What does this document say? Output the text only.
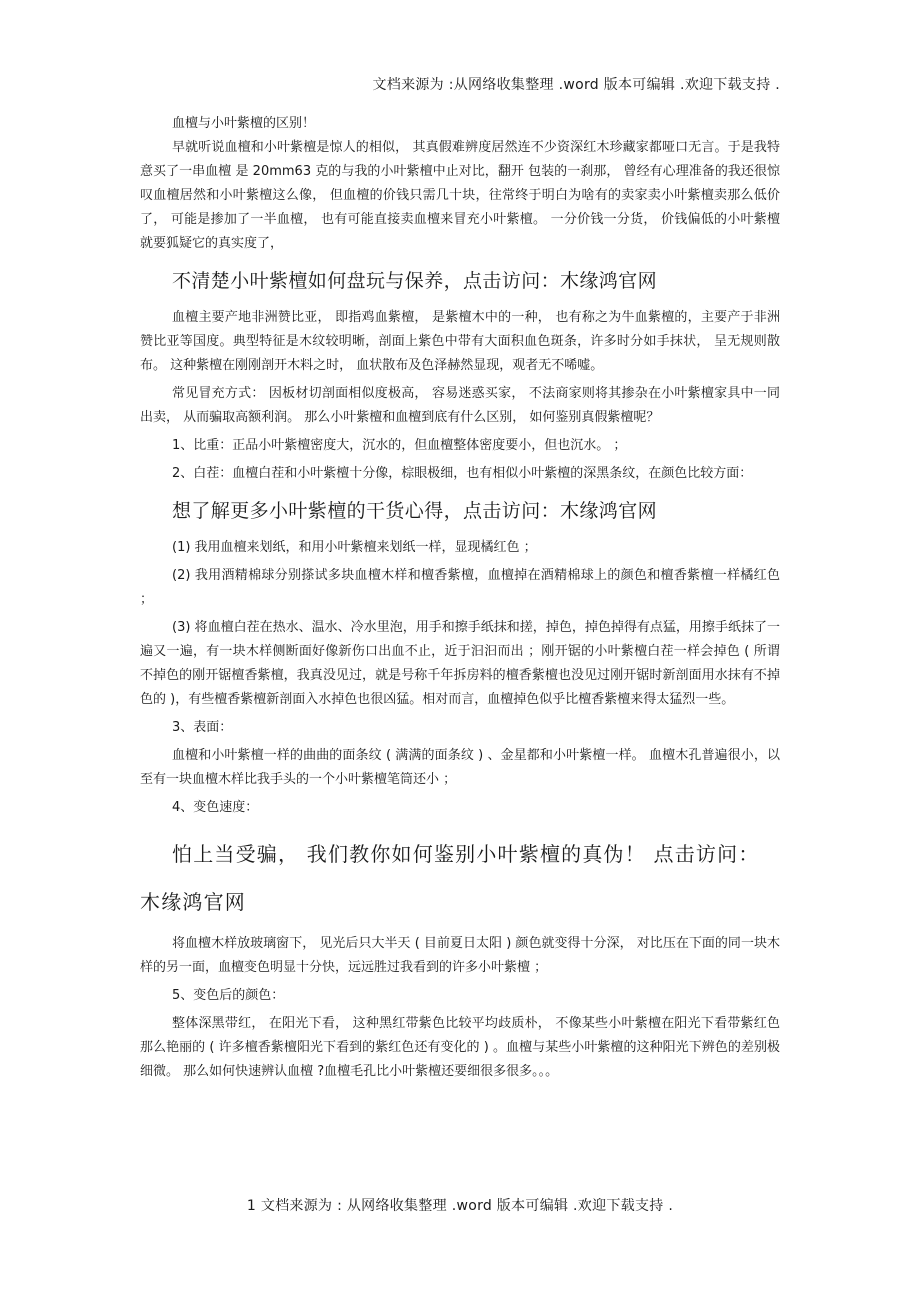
文档来源为 :从网络收集整理 .word 版本可编辑 .欢迎下载支持 .

血檀与小叶紫檀的区别！

早就听说血檀和小叶紫檀是惊人的相似， 其真假难辨度居然连不少资深红木珍藏家都哑口无言。于是我特意买了一串血檀 是 20mm63 克的与我的小叶紫檀中止对比，翻开 包装的一刹那， 曾经有心理准备的我还很惊叹血檀居然和小叶紫檀这么像， 但血檀的价钱只需几十块，往常终于明白为啥有的卖家卖小叶紫檀卖那么低价了， 可能是掺加了一半血檀， 也有可能直接卖血檀来冒充小叶紫檀。 一分价钱一分货， 价钱偏低的小叶紫檀就要狐疑它的真实度了，

不清楚小叶紫檀如何盘玩与保养，点击访问：木缘鸿官网

血檀主要产地非洲赞比亚， 即指鸡血紫檀， 是紫檀木中的一种， 也有称之为牛血紫檀的，主要产于非洲赞比亚等国度。典型特征是木纹较明晰，剖面上紫色中带有大面积血色斑条，许多时分如手抹状， 呈无规则散布。 这种紫檀在刚刚剖开木料之时， 血状散布及色泽赫然显现，观者无不唏嘘。

常见冒充方式： 因板材切剖面相似度极高， 容易迷惑买家， 不法商家则将其掺杂在小叶紫檀家具中一同出卖， 从而骗取高额利润。 那么小叶紫檀和血檀到底有什么区别， 如何鉴别真假紫檀呢？

1、比重：正品小叶紫檀密度大，沉水的，但血檀整体密度要小，但也沉水。 ；

2、白茬：血檀白茬和小叶紫檀十分像，棕眼极细，也有相似小叶紫檀的深黑条纹，在颜色比较方面：

想了解更多小叶紫檀的干货心得，点击访问：木缘鸿官网

(1) 我用血檀来划纸，和用小叶紫檀来划纸一样，显现橘红色 ；

(2) 我用酒精棉球分别搽试多块血檀木样和檀香紫檀，血檀掉在酒精棉球上的颜色和檀香紫檀一样橘红色 ；

(3) 将血檀白茬在热水、温水、冷水里泡，用手和擦手纸抹和搓，掉色，掉色掉得有点猛，用擦手纸抹了一遍又一遍，有一块木样侧断面好像新伤口出血不止，近于汩汩而出 ；刚开锯的小叶紫檀白茬一样会掉色 ( 所谓不掉色的刚开锯檀香紫檀，我真没见过，就是号称千年拆房料的檀香紫檀也没见过刚开锯时新剖面用水抹有不掉色的 )，有些檀香紫檀新剖面入水掉色也很凶猛。相对而言，血檀掉色似乎比檀香紫檀来得太猛烈一些。

3、表面：

血檀和小叶紫檀一样的曲曲的面条纹 ( 满满的面条纹 ) 、金星都和小叶紫檀一样。 血檀木孔普遍很小，以至有一块血檀木样比我手头的一个小叶紫檀笔筒还小 ；

4、变色速度：

怕上当受骗， 我们教你如何鉴别小叶紫檀的真伪！ 点击访问：木缘鸿官网

将血檀木样放玻璃窗下， 见光后只大半天 ( 目前夏日太阳 ) 颜色就变得十分深， 对比压在下面的同一块木样的另一面，血檀变色明显十分快，远远胜过我看到的许多小叶紫檀 ；

5、变色后的颜色：

整体深黑带红， 在阳光下看， 这种黑红带紫色比较平均歧质朴， 不像某些小叶紫檀在阳光下看带紫红色那么艳丽的 ( 许多檀香紫檀阳光下看到的紫红色还有变化的 ) 。血檀与某些小叶紫檀的这种阳光下辨色的差别极细微。 那么如何快速辨认血檀 ?血檀毛孔比小叶紫檀还要细很多很多。。。

1 文档来源为 : 从网络收集整理 .word 版本可编辑 .欢迎下载支持 .
